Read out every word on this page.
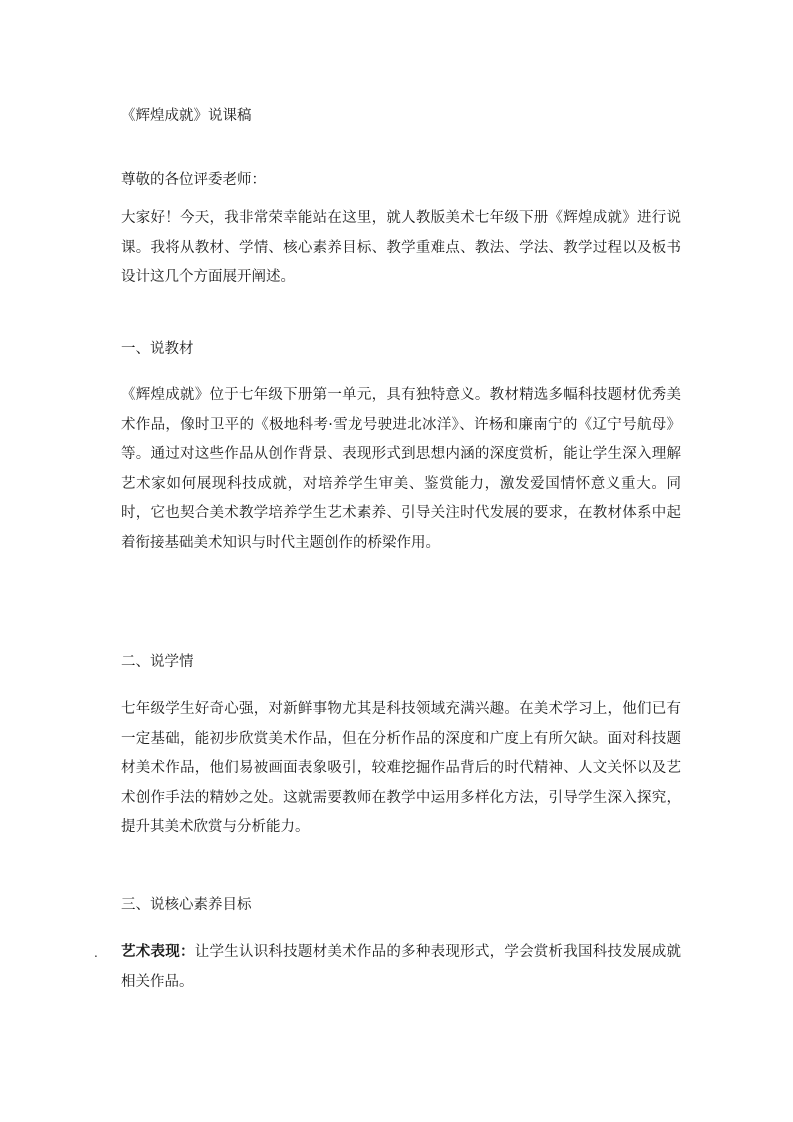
《辉煌成就》说课稿

尊敬的各位评委老师：

大家好！今天，我非常荣幸能站在这里，就人教版美术七年级下册《辉煌成就》进行说课。我将从教材、学情、核心素养目标、教学重难点、教法、学法、教学过程以及板书设计这几个方面展开阐述。

一、说教材

《辉煌成就》位于七年级下册第一单元，具有独特意义。教材精选多幅科技题材优秀美术作品，像时卫平的《极地科考·雪龙号驶进北冰洋》、许杨和廉南宁的《辽宁号航母》等。通过对这些作品从创作背景、表现形式到思想内涵的深度赏析，能让学生深入理解艺术家如何展现科技成就，对培养学生审美、鉴赏能力，激发爱国情怀意义重大。同时，它也契合美术教学培养学生艺术素养、引导关注时代发展的要求，在教材体系中起着衔接基础美术知识与时代主题创作的桥梁作用。

二、说学情

七年级学生好奇心强，对新鲜事物尤其是科技领域充满兴趣。在美术学习上，他们已有一定基础，能初步欣赏美术作品，但在分析作品的深度和广度上有所欠缺。面对科技题材美术作品，他们易被画面表象吸引，较难挖掘作品背后的时代精神、人文关怀以及艺术创作手法的精妙之处。这就需要教师在教学中运用多样化方法，引导学生深入探究，提升其美术欣赏与分析能力。

三、说核心素养目标

. 艺术表现：让学生认识科技题材美术作品的多种表现形式，学会赏析我国科技发展成就相关作品。
